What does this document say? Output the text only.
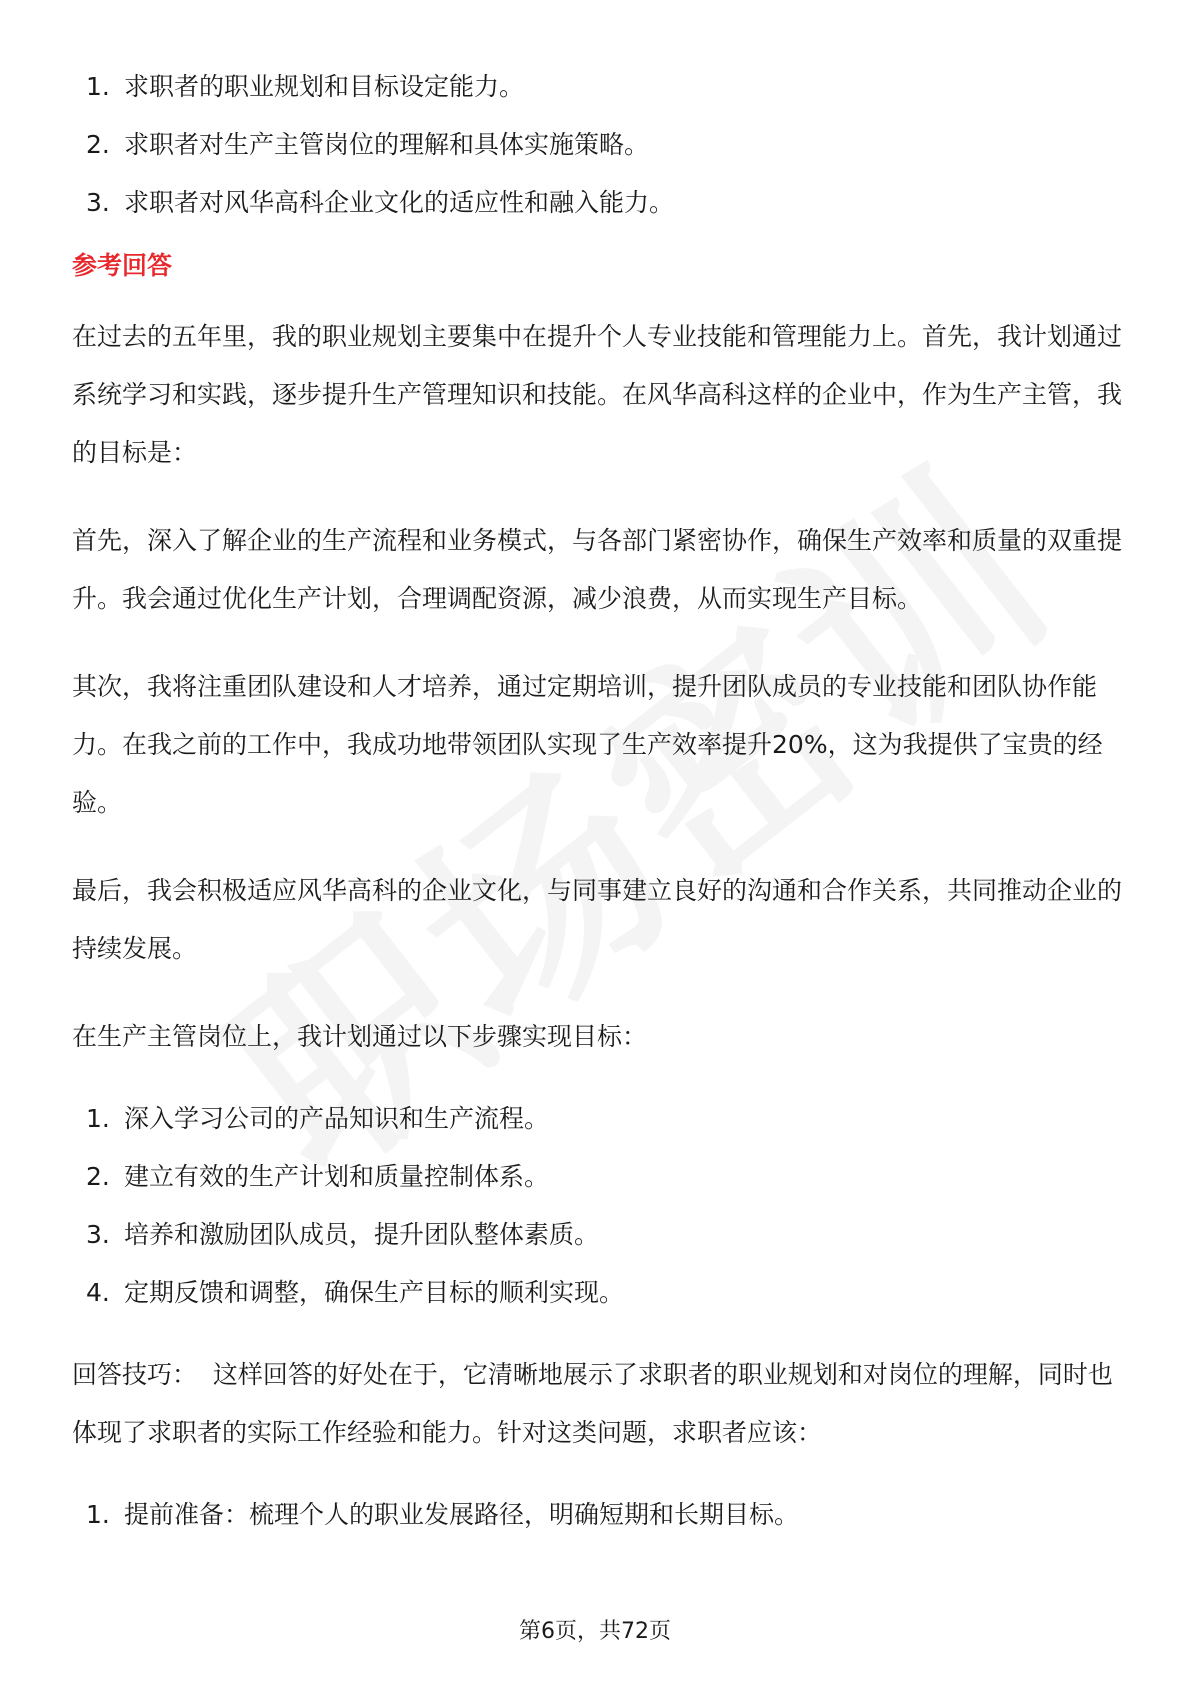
1. 求职者的职业规划和目标设定能力。
2. 求职者对生产主管岗位的理解和具体实施策略。
3. 求职者对风华高科企业文化的适应性和融入能力。
参考回答

在过去的五年里，我的职业规划主要集中在提升个人专业技能和管理能力上。首先，我计划通过系统学习和实践，逐步提升生产管理知识和技能。在风华高科这样的企业中，作为生产主管，我的目标是：

首先，深入了解企业的生产流程和业务模式，与各部门紧密协作，确保生产效率和质量的双重提升。我会通过优化生产计划，合理调配资源，减少浪费，从而实现生产目标。

其次，我将注重团队建设和人才培养，通过定期培训，提升团队成员的专业技能和团队协作能力。在我之前的工作中，我成功地带领团队实现了生产效率提升20%，这为我提供了宝贵的经验。

最后，我会积极适应风华高科的企业文化，与同事建立良好的沟通和合作关系，共同推动企业的持续发展。

在生产主管岗位上，我计划通过以下步骤实现目标：

1. 深入学习公司的产品知识和生产流程。
2. 建立有效的生产计划和质量控制体系。
3. 培养和激励团队成员，提升团队整体素质。
4. 定期反馈和调整，确保生产目标的顺利实现。

回答技巧： 这样回答的好处在于，它清晰地展示了求职者的职业规划和对岗位的理解，同时也体现了求职者的实际工作经验和能力。针对这类问题，求职者应该：

1. 提前准备：梳理个人的职业发展路径，明确短期和长期目标。
第6页，共72页
